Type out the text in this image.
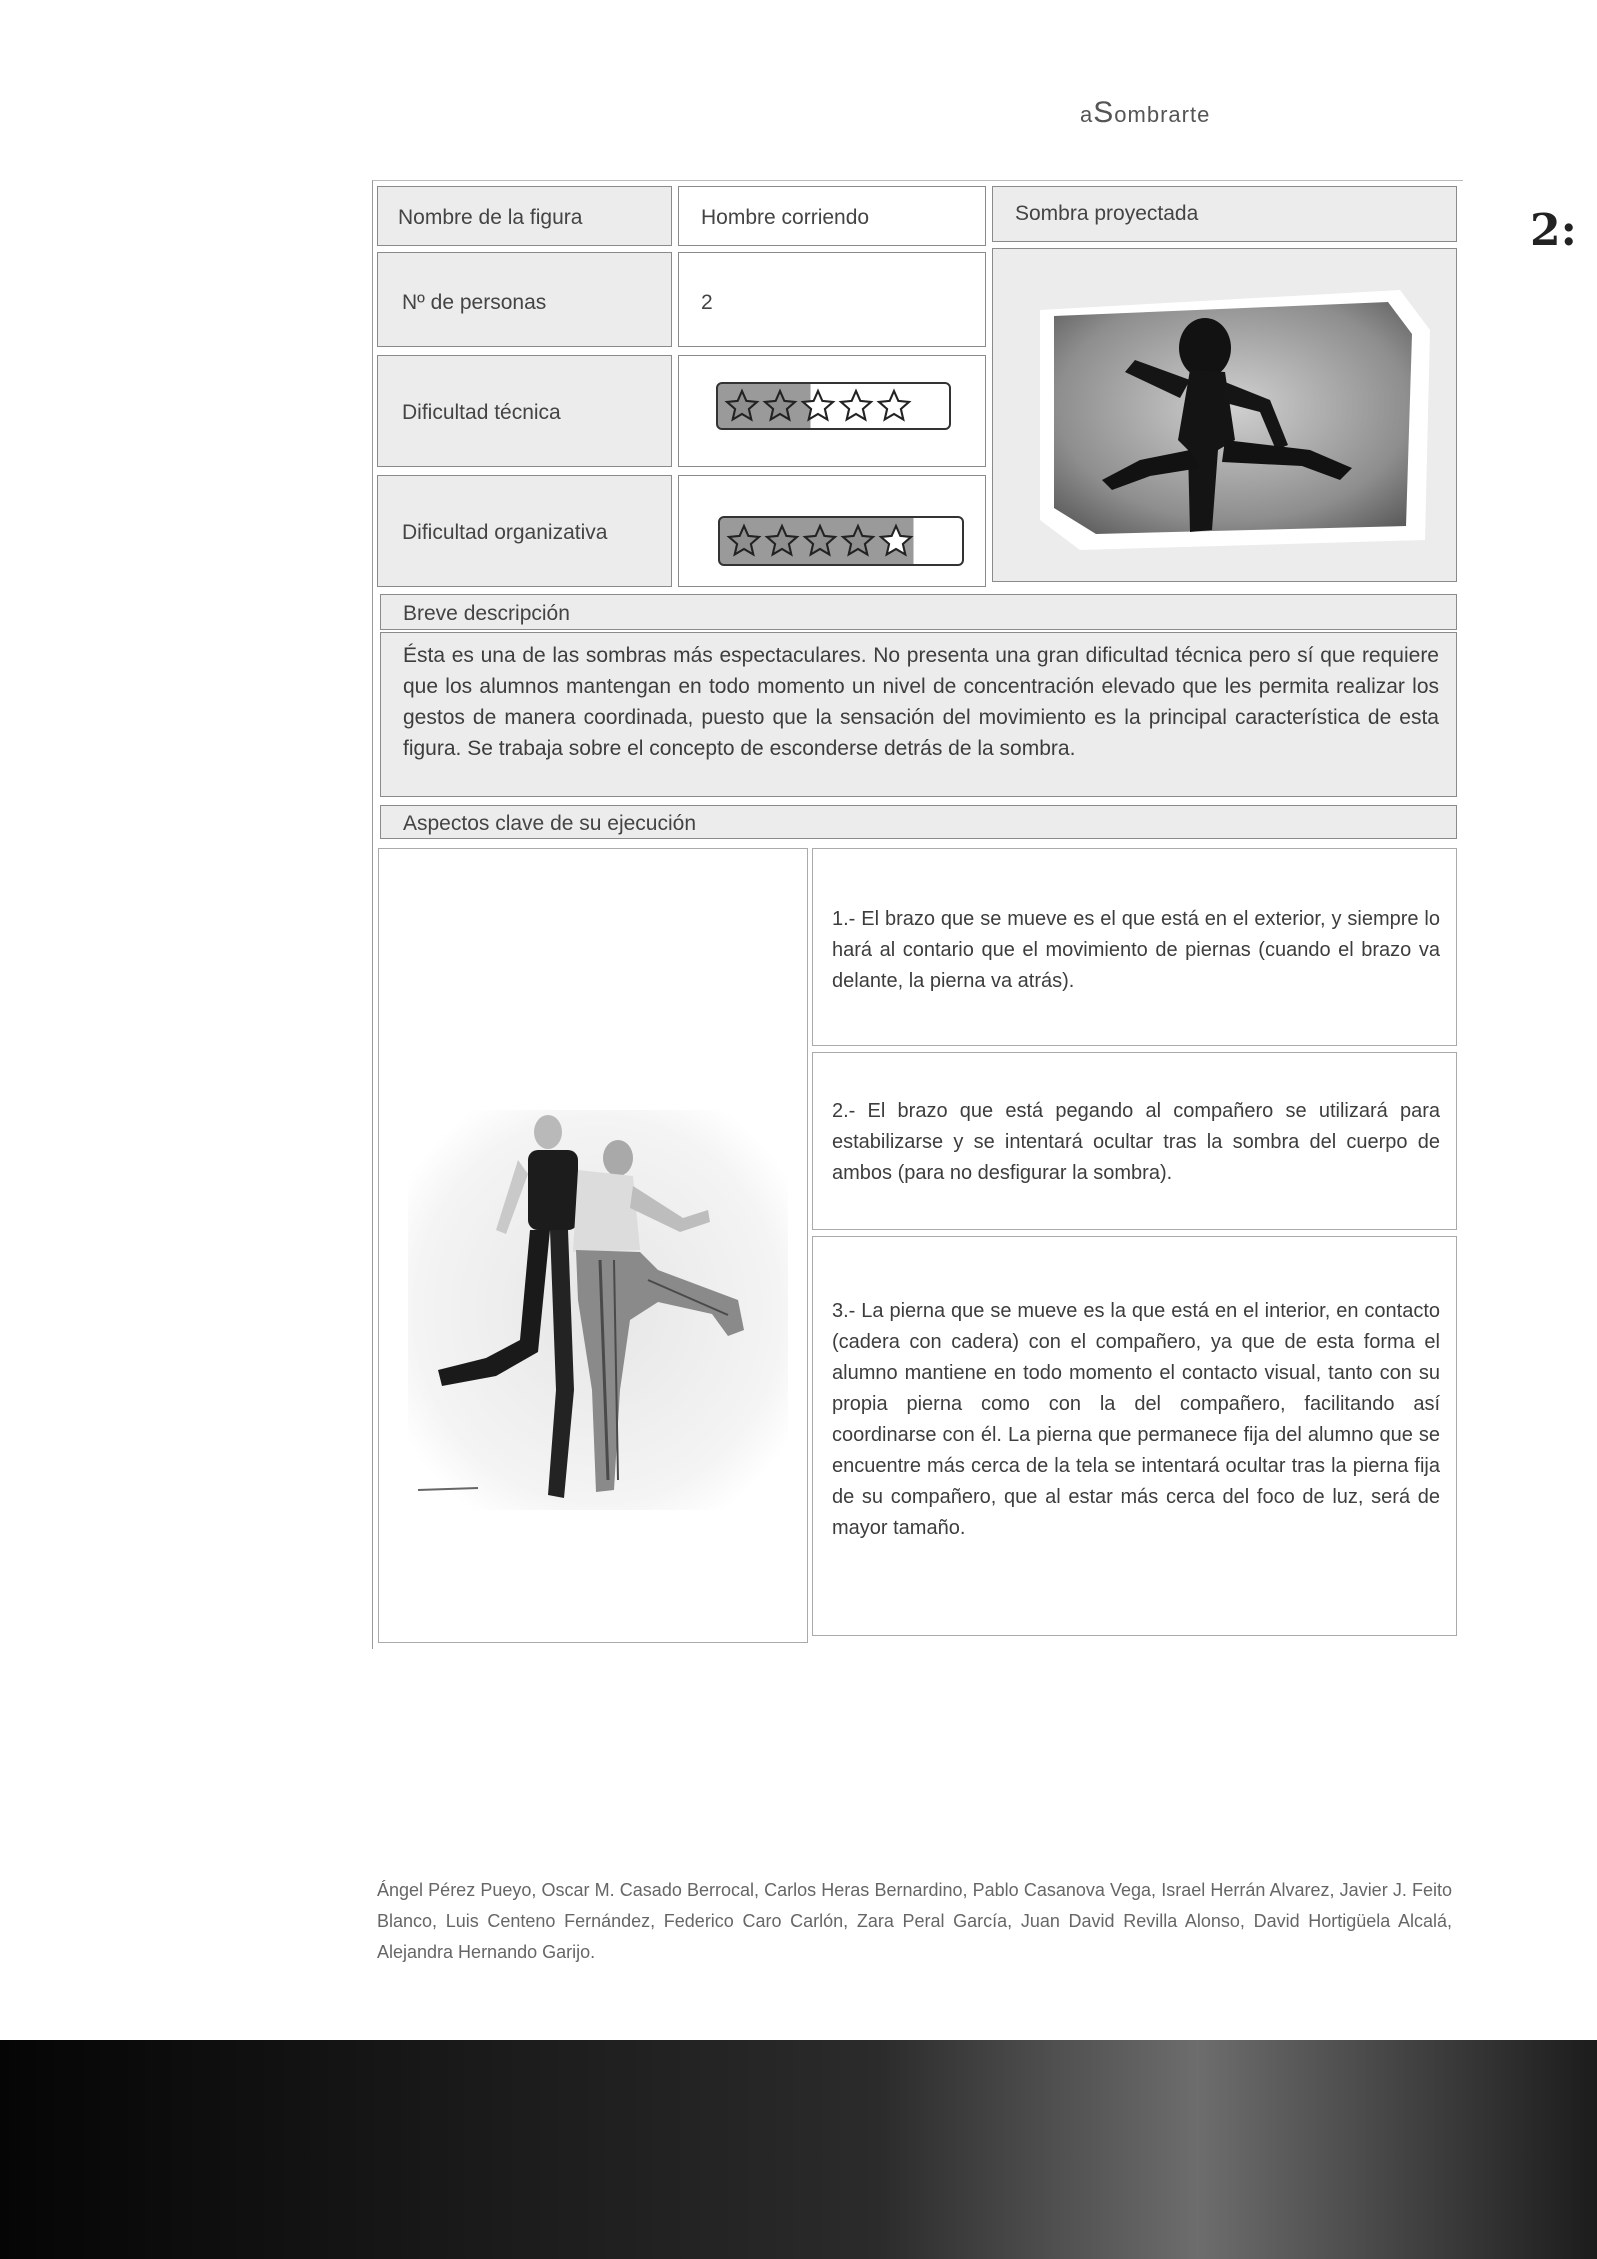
aSombrarte
2:
Nombre de la figura	Hombre corriendo	Sombra proyectada
Nº de personas	2
Dificultad técnica
Dificultad organizativa
Breve descripción
Ésta es una de las sombras más espectaculares. No presenta una gran dificultad técnica pero sí que requiere que los alumnos mantengan en todo momento un nivel de concentración elevado que les permita realizar los gestos de manera coordinada, puesto que la sensación del movimiento es la principal característica de esta figura. Se trabaja sobre el concepto de esconderse detrás de la sombra.
Aspectos clave de su ejecución
1.- El brazo que se mueve es el que está en el exterior, y siempre lo hará al contario que el movimiento de piernas (cuando el brazo va delante, la pierna va atrás).
2.- El brazo que está pegando al compañero se utilizará para estabilizarse y se intentará ocultar tras la sombra del cuerpo de ambos (para no desfigurar la sombra).
3.- La pierna que se mueve es la que está en el interior, en contacto (cadera con cadera) con el compañero, ya que de esta forma el alumno mantiene en todo momento el contacto visual, tanto con su propia pierna como con la del compañero, facilitando así coordinarse con él. La pierna que permanece fija del alumno que se encuentre más cerca de la tela se intentará ocultar tras la pierna fija de su compañero, que al estar más cerca del foco de luz, será de mayor tamaño.
Ángel Pérez Pueyo, Oscar M. Casado Berrocal, Carlos Heras Bernardino, Pablo Casanova Vega, Israel Herrán Alvarez, Javier J. Feito Blanco, Luis Centeno Fernández, Federico Caro Carlón, Zara Peral García, Juan David Revilla Alonso, David Hortigüela Alcalá, Alejandra Hernando Garijo.
